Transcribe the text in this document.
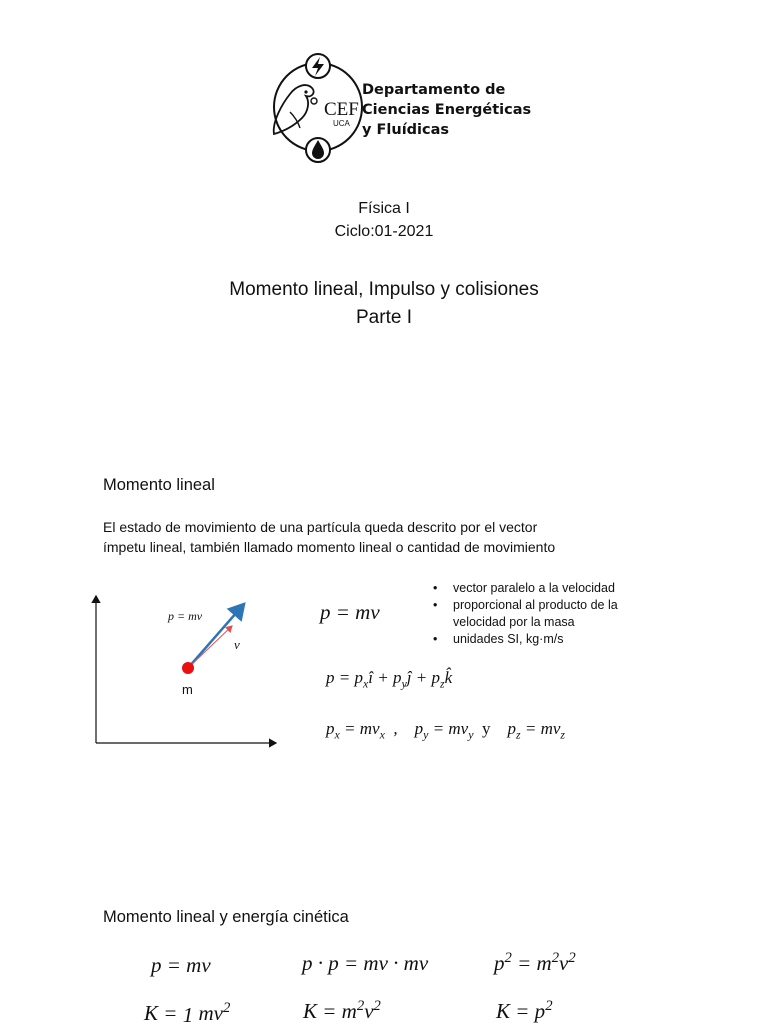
CEF
UCA
Departamento de
Ciencias Energéticas
y Fluídicas
Física I
Ciclo:01-2021
Momento lineal, Impulso y colisiones
Parte I
Momento lineal
El estado de movimiento de una partícula queda descrito por el vector
ímpetu lineal, también llamado momento lineal o cantidad de movimiento
p = mv
v
m
p = mv
• vector paralelo a la velocidad
• proporcional al producto de la velocidad por la masa
• unidades SI, kg·m/s
$p = p_xî$ + $p_yĵ$ + $p_zk̂$
$p_x = mv_x$  ,    $p_y = mv_y$ y    $p_z = mv_z$
Momento lineal y energía cinética
p = mv	p · p = mv · mv	$p^2 = m^2v^2$
K = 1 $mv^2$	$K = m^2v^2$	$K = p^2$
